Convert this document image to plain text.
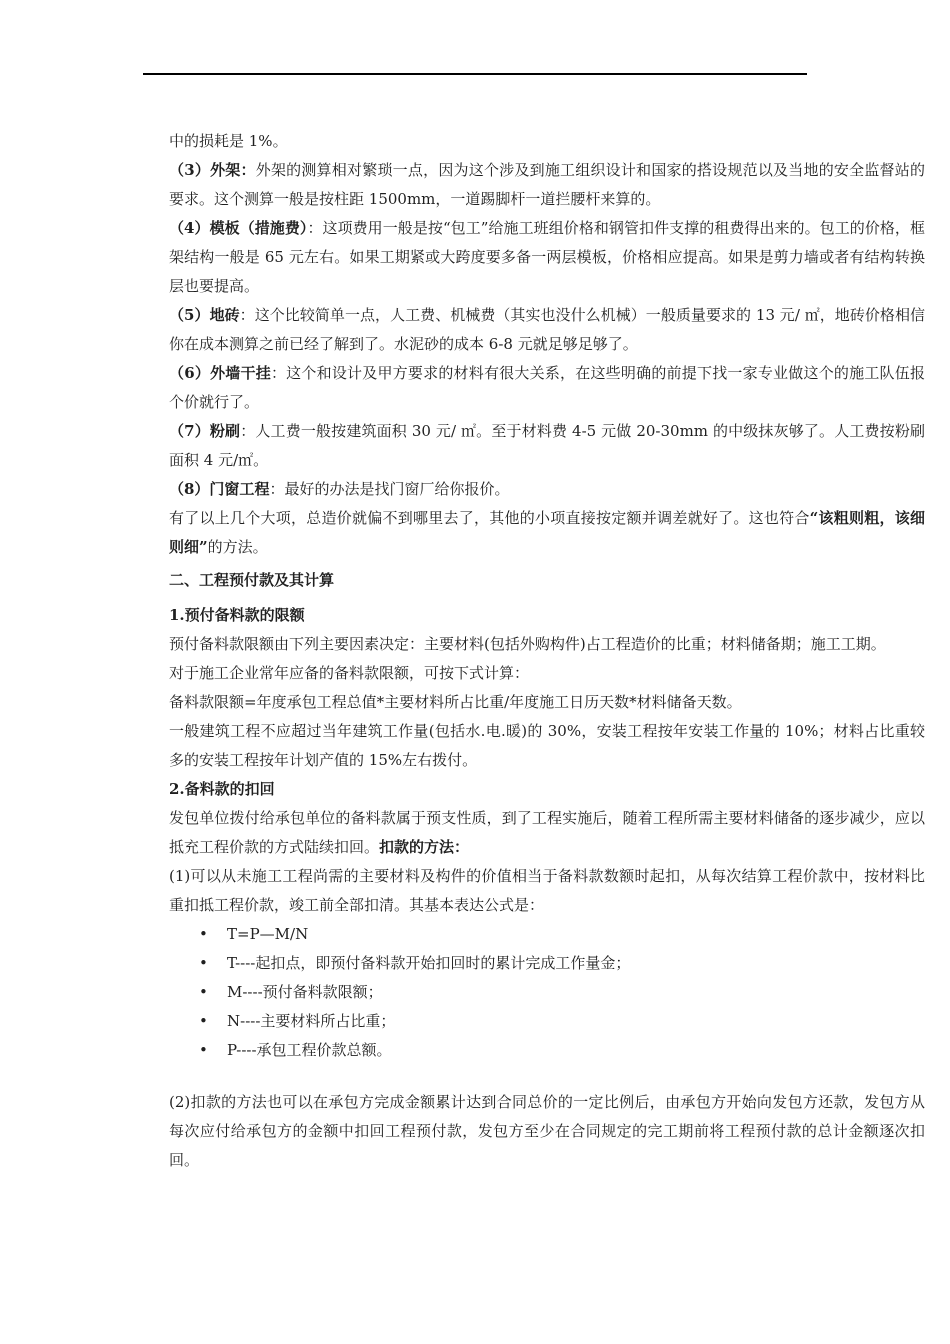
中的损耗是 1%。

（3）外架：外架的测算相对繁琐一点，因为这个涉及到施工组织设计和国家的搭设规范以及当地的安全监督站的要求。这个测算一般是按柱距 1500mm，一道踢脚杆一道拦腰杆来算的。

（4）模板（措施费）：这项费用一般是按“包工”给施工班组价格和钢管扣件支撑的租费得出来的。包工的价格，框架结构一般是 65 元左右。如果工期紧或大跨度要多备一两层模板，价格相应提高。如果是剪力墙或者有结构转换层也要提高。

（5）地砖：这个比较简单一点，人工费、机械费（其实也没什么机械）一般质量要求的 13 元/ ㎡，地砖价格相信你在成本测算之前已经了解到了。水泥砂的成本 6-8 元就足够足够了。

（6）外墙干挂：这个和设计及甲方要求的材料有很大关系，在这些明确的前提下找一家专业做这个的施工队伍报个价就行了。

（7）粉刷：人工费一般按建筑面积 30 元/ ㎡。至于材料费 4-5 元做 20-30mm 的中级抹灰够了。人工费按粉刷面积 4 元/㎡。

（8）门窗工程：最好的办法是找门窗厂给你报价。

有了以上几个大项，总造价就偏不到哪里去了，其他的小项直接按定额并调差就好了。这也符合“该粗则粗，该细则细”的方法。

二、工程预付款及其计算

1.预付备料款的限额

预付备料款限额由下列主要因素决定：主要材料(包括外购构件)占工程造价的比重；材料储备期；施工工期。

对于施工企业常年应备的备料款限额，可按下式计算：

备料款限额=年度承包工程总值*主要材料所占比重/年度施工日历天数*材料储备天数。

一般建筑工程不应超过当年建筑工作量(包括水.电.暖)的 30%，安装工程按年安装工作量的 10%；材料占比重较多的安装工程按年计划产值的 15%左右拨付。

2.备料款的扣回

发包单位拨付给承包单位的备料款属于预支性质，到了工程实施后，随着工程所需主要材料储备的逐步减少，应以抵充工程价款的方式陆续扣回。扣款的方法：

(1)可以从未施工工程尚需的主要材料及构件的价值相当于备料款数额时起扣，从每次结算工程价款中，按材料比重扣抵工程价款，竣工前全部扣清。其基本表达公式是：

• T=P—M/N
• T----起扣点，即预付备料款开始扣回时的累计完成工作量金；
• M----预付备料款限额；
• N----主要材料所占比重；
• P----承包工程价款总额。

(2)扣款的方法也可以在承包方完成金额累计达到合同总价的一定比例后，由承包方开始向发包方还款，发包方从每次应付给承包方的金额中扣回工程预付款，发包方至少在合同规定的完工期前将工程预付款的总计金额逐次扣回。
